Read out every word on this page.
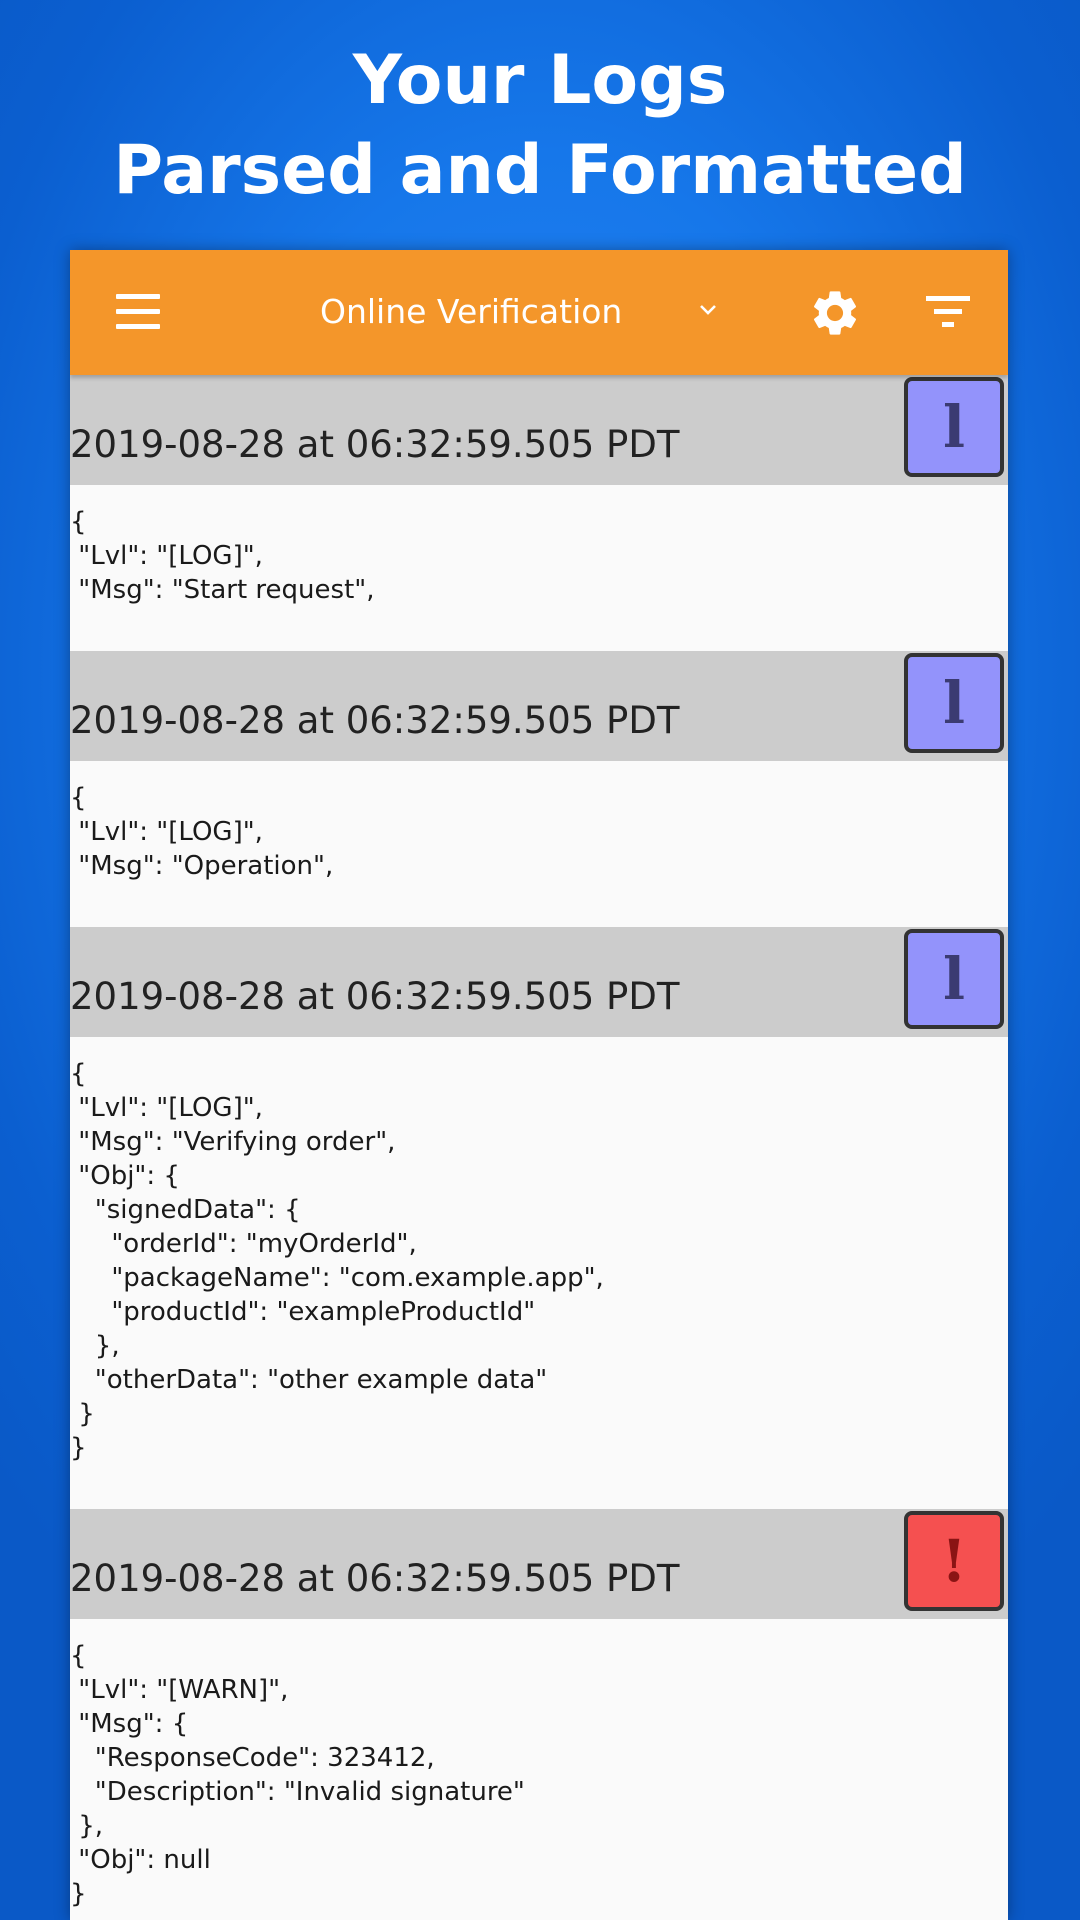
Your Logs
Parsed and Formatted
Online Verification
2019-08-28 at 06:32:59.505 PDT	l
{
"Lvl": "[LOG]",
"Msg": "Start request",
2019-08-28 at 06:32:59.505 PDT	l
{
"Lvl": "[LOG]",
"Msg": "Operation",
2019-08-28 at 06:32:59.505 PDT	l
{
"Lvl": "[LOG]",
"Msg": "Verifying order",
"Obj": {
"signedData": {
"orderId": "myOrderId",
"packageName": "com.example.app",
"productId": "exampleProductId"
},
"otherData": "other example data"
}
}
2019-08-28 at 06:32:59.505 PDT	!
{
"Lvl": "[WARN]",
"Msg": {
"ResponseCode": 323412,
"Description": "Invalid signature"
},
"Obj": null
}
